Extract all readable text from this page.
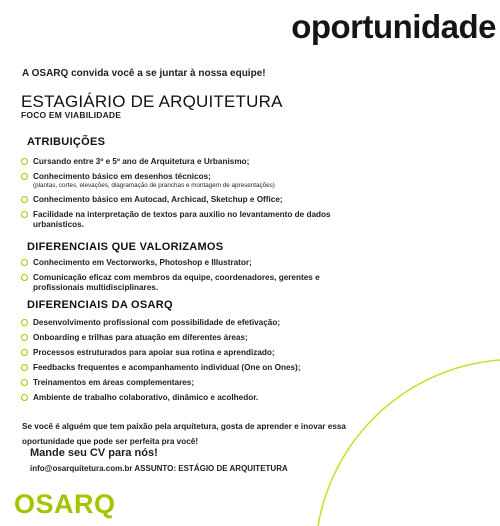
oportunidade
A OSARQ convida você a se juntar à nossa equipe!
ESTAGIÁRIO DE ARQUITETURA
FOCO EM VIABILIDADE
ATRIBUIÇÕES
Cursando entre 3º e 5º ano de Arquitetura e Urbanismo;
Conhecimento básico em desenhos técnicos;
(plantas, cortes, elevações, diagramação de pranchas e montagem de apresentações)
Conhecimento básico em Autocad, Archicad, Sketchup e Office;
Facilidade na interpretação de textos para auxilio no levantamento de dados urbanísticos.
DIFERENCIAIS QUE VALORIZAMOS
Conhecimento em Vectorworks, Photoshop e Illustrator;
Comunicação eficaz com membros da equipe, coordenadores, gerentes e profissionais multidisciplinares.
DIFERENCIAIS DA OSARQ
Desenvolvimento profissional com possibilidade de efetivação;
Onboarding e trilhas para atuação em diferentes áreas;
Processos estruturados para apoiar sua rotina e aprendizado;
Feedbacks frequentes e acompanhamento individual (One on Ones);
Treinamentos em áreas complementares;
Ambiente de trabalho colaborativo, dinâmico e acolhedor.
Se você é alguém que tem paixão pela arquitetura, gosta de aprender e inovar essa oportunidade que pode ser perfeita pra você!
Mande seu CV para nós!
info@osarquitetura.com.br ASSUNTO: ESTÁGIO DE ARQUITETURA
OSARQ
